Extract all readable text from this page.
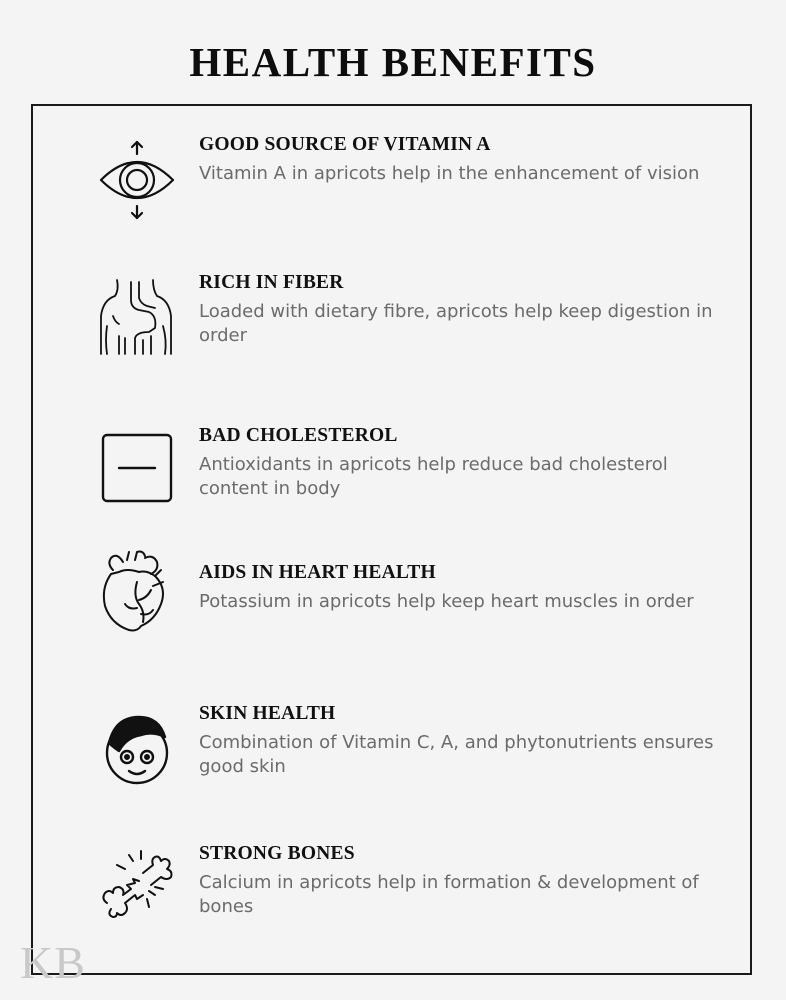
HEALTH BENEFITS
GOOD SOURCE OF VITAMIN A

Vitamin A in apricots help in the enhancement of vision

RICH IN FIBER

Loaded with dietary fibre, apricots help keep digestion in order

BAD CHOLESTEROL

Antioxidants in apricots help reduce bad cholesterol content in body

AIDS IN HEART HEALTH

Potassium in apricots help keep heart muscles in order

SKIN HEALTH

Combination of Vitamin C, A, and phytonutrients ensures good skin

STRONG BONES

Calcium in apricots help in formation & development of bones

KB
